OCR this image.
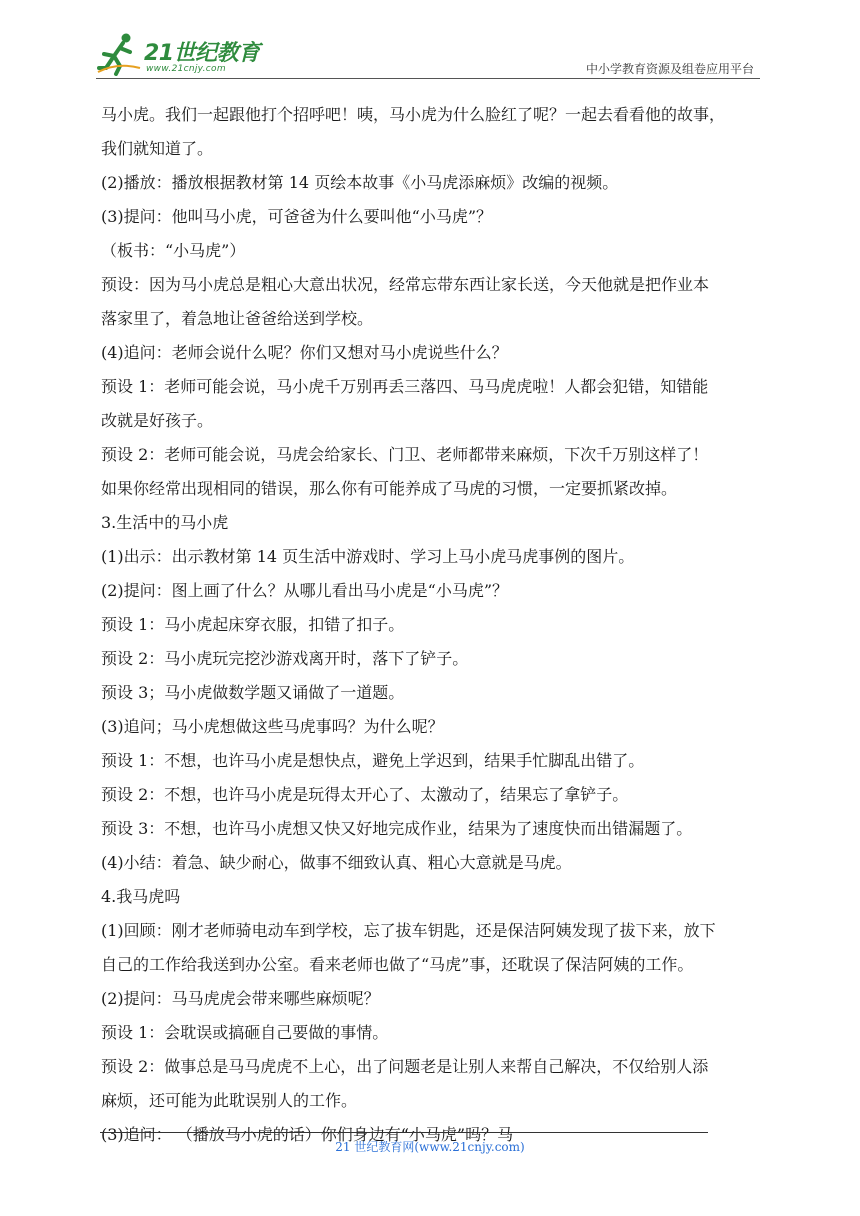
21世纪教育
www.21cnjy.com	中小学教育资源及组卷应用平台

马小虎。我们一起跟他打个招呼吧！咦，马小虎为什么脸红了呢？一起去看看他的故事，

我们就知道了。

(2)播放：播放根据教材第 14 页绘本故事《小马虎添麻烦》改编的视频。

(3)提问：他叫马小虎，可爸爸为什么要叫他“小马虎”？

（板书：“小马虎”）

预设：因为马小虎总是粗心大意出状况，经常忘带东西让家长送，今天他就是把作业本

落家里了，着急地让爸爸给送到学校。

(4)追问：老师会说什么呢？你们又想对马小虎说些什么？

预设 1：老师可能会说，马小虎千万别再丢三落四、马马虎虎啦！人都会犯错，知错能

改就是好孩子。

预设 2：老师可能会说，马虎会给家长、门卫、老师都带来麻烦，下次千万别这样了！

如果你经常出现相同的错误，那么你有可能养成了马虎的习惯，一定要抓紧改掉。

3.生活中的马小虎

(1)出示：出示教材第 14 页生活中游戏时、学习上马小虎马虎事例的图片。

(2)提问：图上画了什么？从哪儿看出马小虎是“小马虎”？

预设 1：马小虎起床穿衣服，扣错了扣子。

预设 2：马小虎玩完挖沙游戏离开时，落下了铲子。

预设 3；马小虎做数学题又诵做了一道题。

(3)追问；马小虎想做这些马虎事吗？为什么呢？

预设 1：不想，也许马小虎是想快点，避免上学迟到，结果手忙脚乱出错了。

预设 2：不想，也许马小虎是玩得太开心了、太激动了，结果忘了拿铲子。

预设 3：不想，也许马小虎想又快又好地完成作业，结果为了速度快而出错漏题了。

(4)小结：着急、缺少耐心，做事不细致认真、粗心大意就是马虎。

4.我马虎吗

(1)回顾：刚才老师骑电动车到学校，忘了拔车钥匙，还是保洁阿姨发现了拔下来，放下

自己的工作给我送到办公室。看来老师也做了“马虎”事，还耽误了保洁阿姨的工作。

(2)提问：马马虎虎会带来哪些麻烦呢？

预设 1：会耽误或搞砸自己要做的事情。

预设 2：做事总是马马虎虎不上心，出了问题老是让别人来帮自己解决，不仅给别人添

麻烦，还可能为此耽误别人的工作。

(3)追问： （播放马小虎的话）你们身边有“小马虎”吗？马

21 世纪教育网(www.21cnjy.com)
